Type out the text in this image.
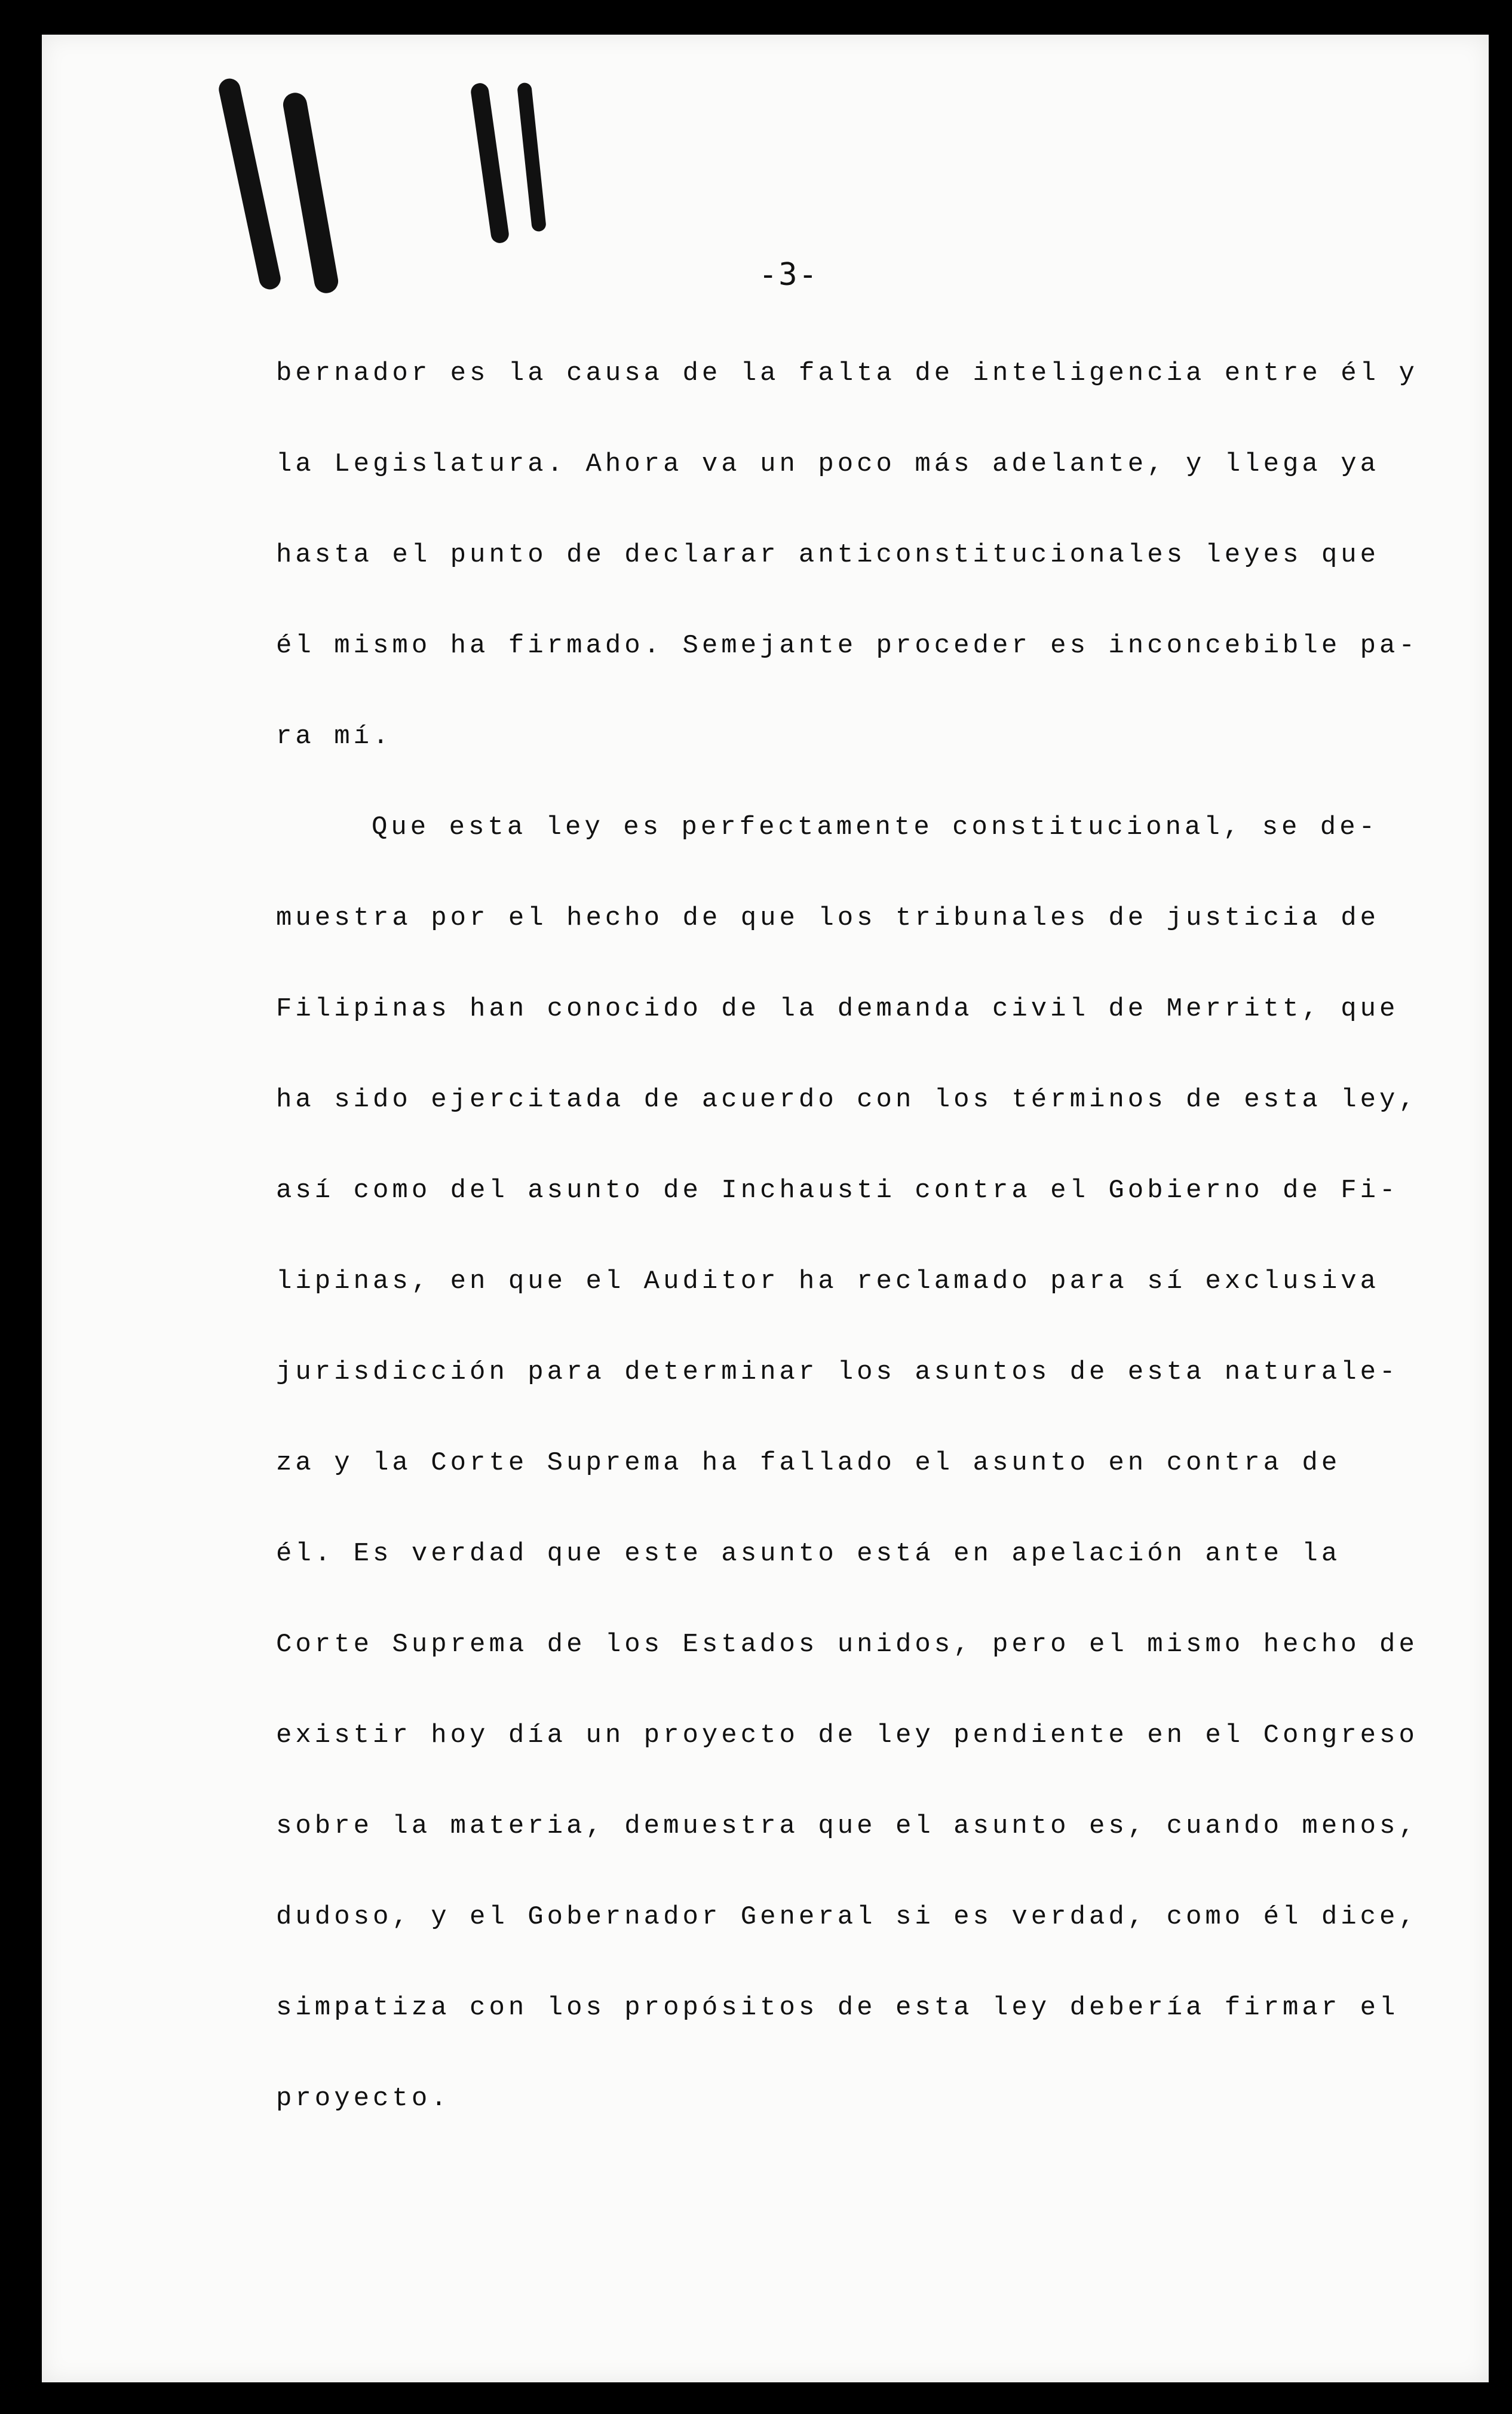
-3-
bernador es la causa de la falta de inteligencia entre él y
la Legislatura. Ahora va un poco más adelante, y llega ya
hasta el punto de declarar anticonstitucionales leyes que
él mismo ha firmado. Semejante proceder es inconcebible pa-
ra mí.
Que esta ley es perfectamente constitucional, se de-
muestra por el hecho de que los tribunales de justicia de
Filipinas han conocido de la demanda civil de Merritt, que
ha sido ejercitada de acuerdo con los términos de esta ley,
así como del asunto de Inchausti contra el Gobierno de Fi-
lipinas, en que el Auditor ha reclamado para sí exclusiva
jurisdicción para determinar los asuntos de esta naturale-
za y la Corte Suprema ha fallado el asunto en contra de
él. Es verdad que este asunto está en apelación ante la
Corte Suprema de los Estados unidos, pero el mismo hecho de
existir hoy día un proyecto de ley pendiente en el Congreso
sobre la materia, demuestra que el asunto es, cuando menos,
dudoso, y el Gobernador General si es verdad, como él dice,
simpatiza con los propósitos de esta ley debería firmar el
proyecto.
